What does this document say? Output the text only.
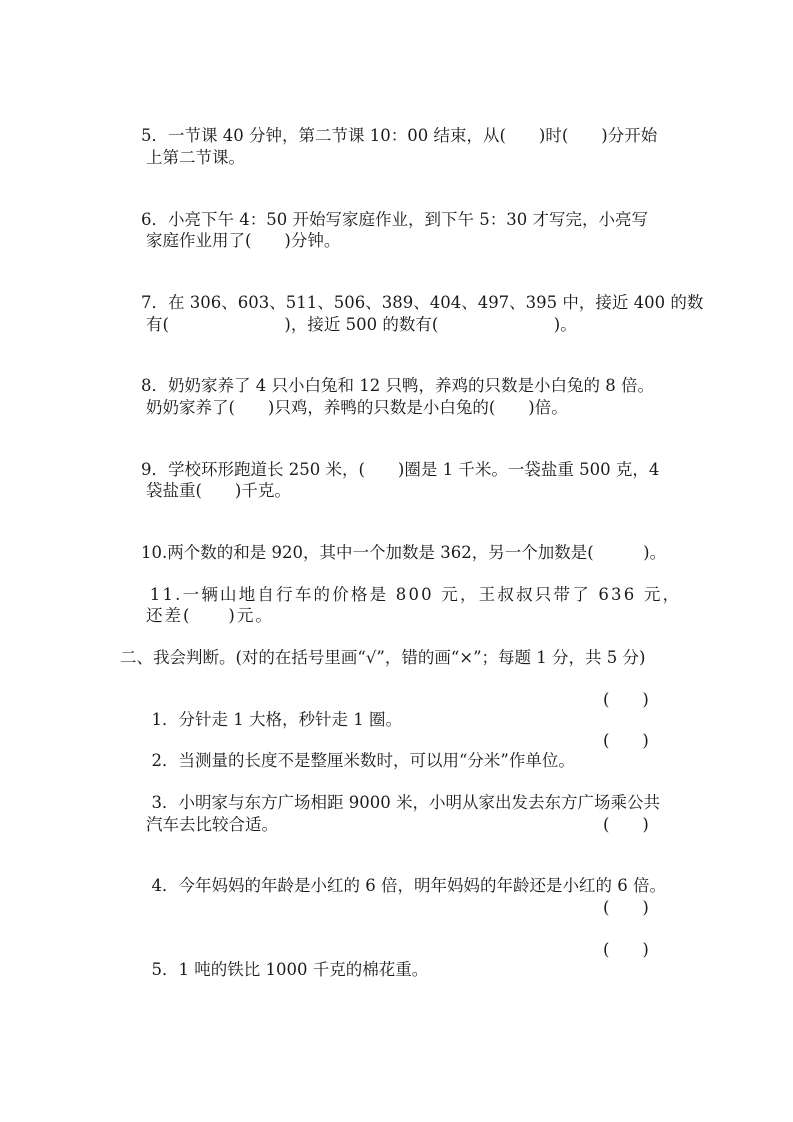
5．一节课 40 分钟，第二节课 10：00 结束，从(　　)时(　　)分开始

上第二节课。

6．小亮下午 4：50 开始写家庭作业，到下午 5：30 才写完，小亮写

家庭作业用了(　　)分钟。

7．在 306、603、511、506、389、404、497、395 中，接近 400 的数

有(　　　　　　　)，接近 500 的数有(　　　　　　　)。

8．奶奶家养了 4 只小白兔和 12 只鸭，养鸡的只数是小白兔的 8 倍。

奶奶家养了(　　)只鸡，养鸭的只数是小白兔的(　　)倍。

9．学校环形跑道长 250 米，(　　)圈是 1 千米。一袋盐重 500 克，4

袋盐重(　　)千克。

10.两个数的和是 920，其中一个加数是 362，另一个加数是(　　　)。

11.一辆山地自行车的价格是 800 元，王叔叔只带了 636 元，

还差(　　)元。
二、我会判断。(对的在括号里画“√”，错的画“×”；每题 1 分，共 5 分)

1．分针走 1 大格，秒针走 1 圈。

(　　)

2．当测量的长度不是整厘米数时，可以用“分米”作单位。

(　　)

3．小明家与东方广场相距 9000 米，小明从家出发去东方广场乘公共

汽车去比较合适。	(　　)

4．今年妈妈的年龄是小红的 6 倍，明年妈妈的年龄还是小红的 6 倍。

(　　)

5．1 吨的铁比 1000 千克的棉花重。

(　　)
